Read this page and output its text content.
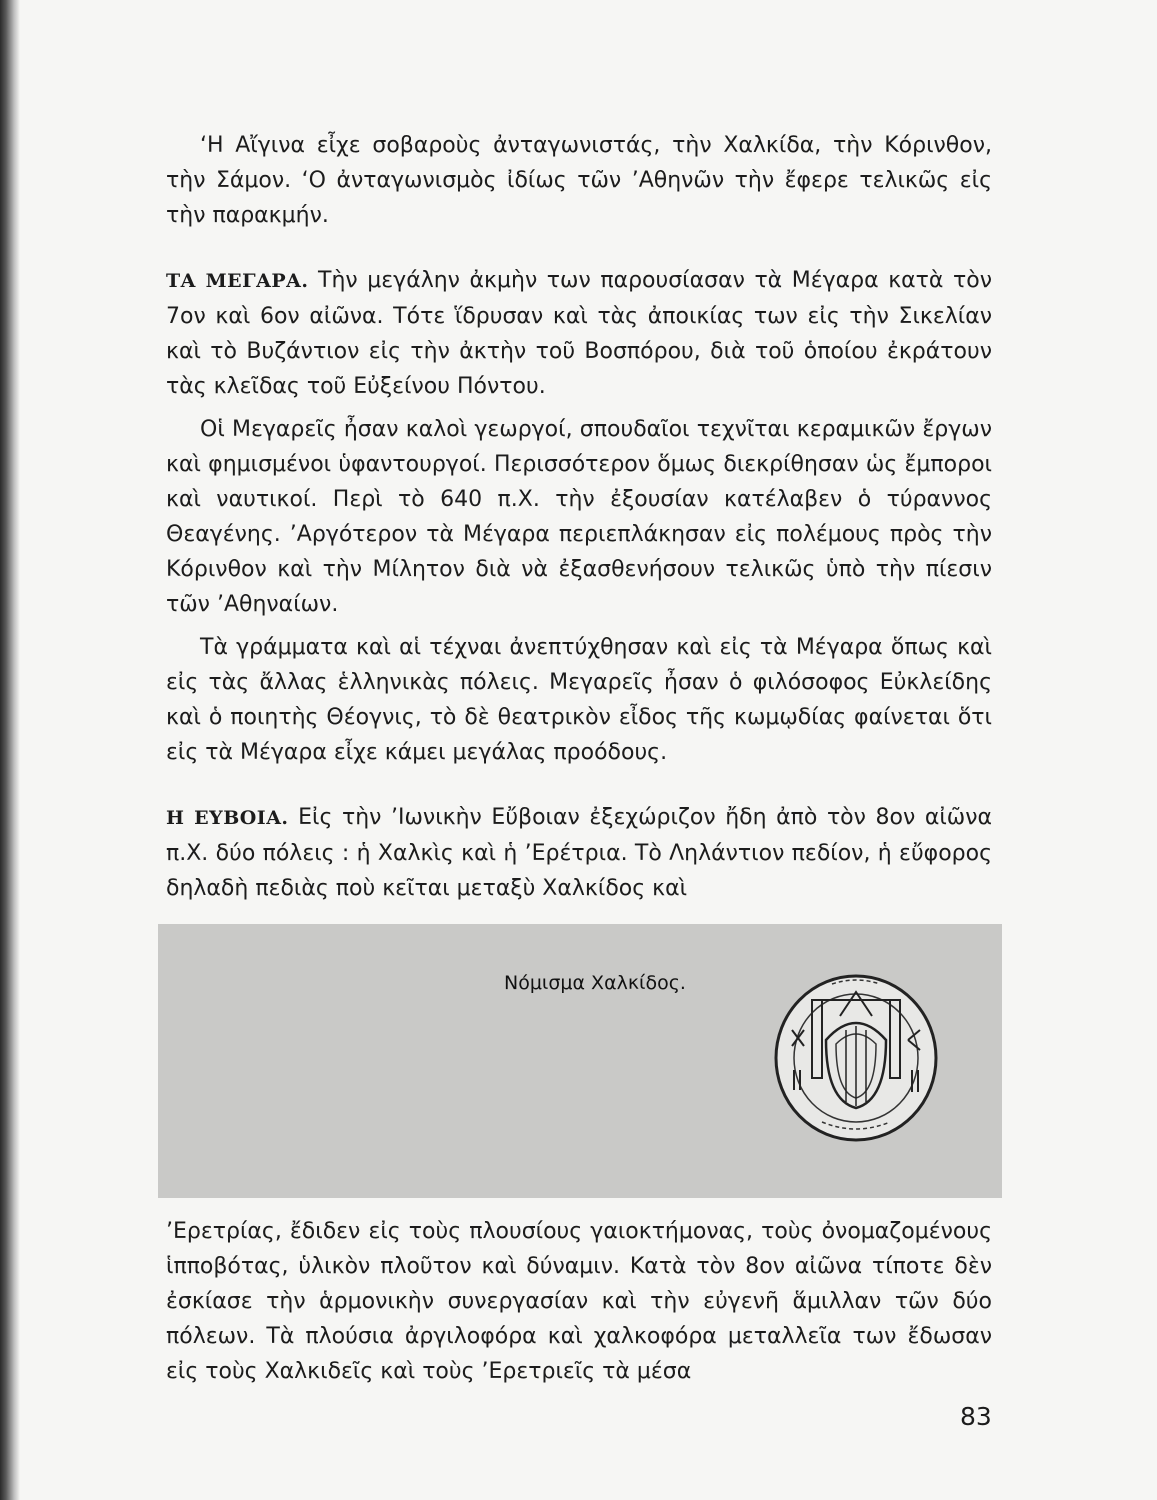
‘Η Αἴγινα εἶχε σοβαροὺς ἀνταγωνιστάς, τὴν Χαλκίδα, τὴν Κόρινθον, τὴν Σάμον. ‘Ο ἀνταγωνισμὸς ἰδίως τῶν ’Αθηνῶν τὴν ἔφερε τελικῶς εἰς τὴν παρακμήν.

ΤΑ ΜΕΓΑΡΑ. Τὴν μεγάλην ἀκμὴν των παρουσίασαν τὰ Μέγαρα κατὰ τὸν 7ον καὶ 6ον αἰῶνα. Τότε ἵδρυσαν καὶ τὰς ἀποικίας των εἰς τὴν Σικελίαν καὶ τὸ Βυζάντιον εἰς τὴν ἀκτὴν τοῦ Βοσπόρου, διὰ τοῦ ὁποίου ἐκράτουν τὰς κλεῖδας τοῦ Εὐξείνου Πόντου.

Οἱ Μεγαρεῖς ἦσαν καλοὶ γεωργοί, σπουδαῖοι τεχνῖται κεραμικῶν ἔργων καὶ φημισμένοι ὑφαντουργοί. Περισσότερον ὅμως διεκρίθησαν ὡς ἔμποροι καὶ ναυτικοί. Περὶ τὸ 640 π.Χ. τὴν ἐξουσίαν κατέλαβεν ὁ τύραννος Θεαγένης. ’Αργότερον τὰ Μέγαρα περιεπλάκησαν εἰς πολέμους πρὸς τὴν Κόρινθον καὶ τὴν Μίλητον διὰ νὰ ἐξασθενήσουν τελικῶς ὑπὸ τὴν πίεσιν τῶν ’Αθηναίων.

Τὰ γράμματα καὶ αἱ τέχναι ἀνεπτύχθησαν καὶ εἰς τὰ Μέγαρα ὅπως καὶ εἰς τὰς ἄλλας ἑλληνικὰς πόλεις. Μεγαρεῖς ἦσαν ὁ φιλόσοφος Εὐκλείδης καὶ ὁ ποιητὴς Θέογνις, τὸ δὲ θεατρικὸν εἶδος τῆς κωμῳδίας φαίνεται ὅτι εἰς τὰ Μέγαρα εἶχε κάμει μεγάλας προόδους.

Η ΕΥΒΟΙΑ. Εἰς τὴν ’Ιωνικὴν Εὔβοιαν ἐξεχώριζον ἤδη ἀπὸ τὸν 8ον αἰῶνα π.Χ. δύο πόλεις : ἡ Χαλκὶς καὶ ἡ ’Ερέτρια. Τὸ Ληλάντιον πεδίον, ἡ εὔφορος δηλαδὴ πεδιὰς ποὺ κεῖται μεταξὺ Χαλκίδος καὶ

Νόμισμα Χαλκίδος.

’Ερετρίας, ἔδιδεν εἰς τοὺς πλουσίους γαιοκτήμονας, τοὺς ὀνομαζομένους ἱπποβότας, ὑλικὸν πλοῦτον καὶ δύναμιν. Κατὰ τὸν 8ον αἰῶνα τίποτε δὲν ἐσκίασε τὴν ἁρμονικὴν συνεργασίαν καὶ τὴν εὐγενῆ ἅμιλλαν τῶν δύο πόλεων. Τὰ πλούσια ἀργιλοφόρα καὶ χαλκοφόρα μεταλλεῖα των ἔδωσαν εἰς τοὺς Χαλκιδεῖς καὶ τοὺς ’Ερετριεῖς τὰ μέσα

83
